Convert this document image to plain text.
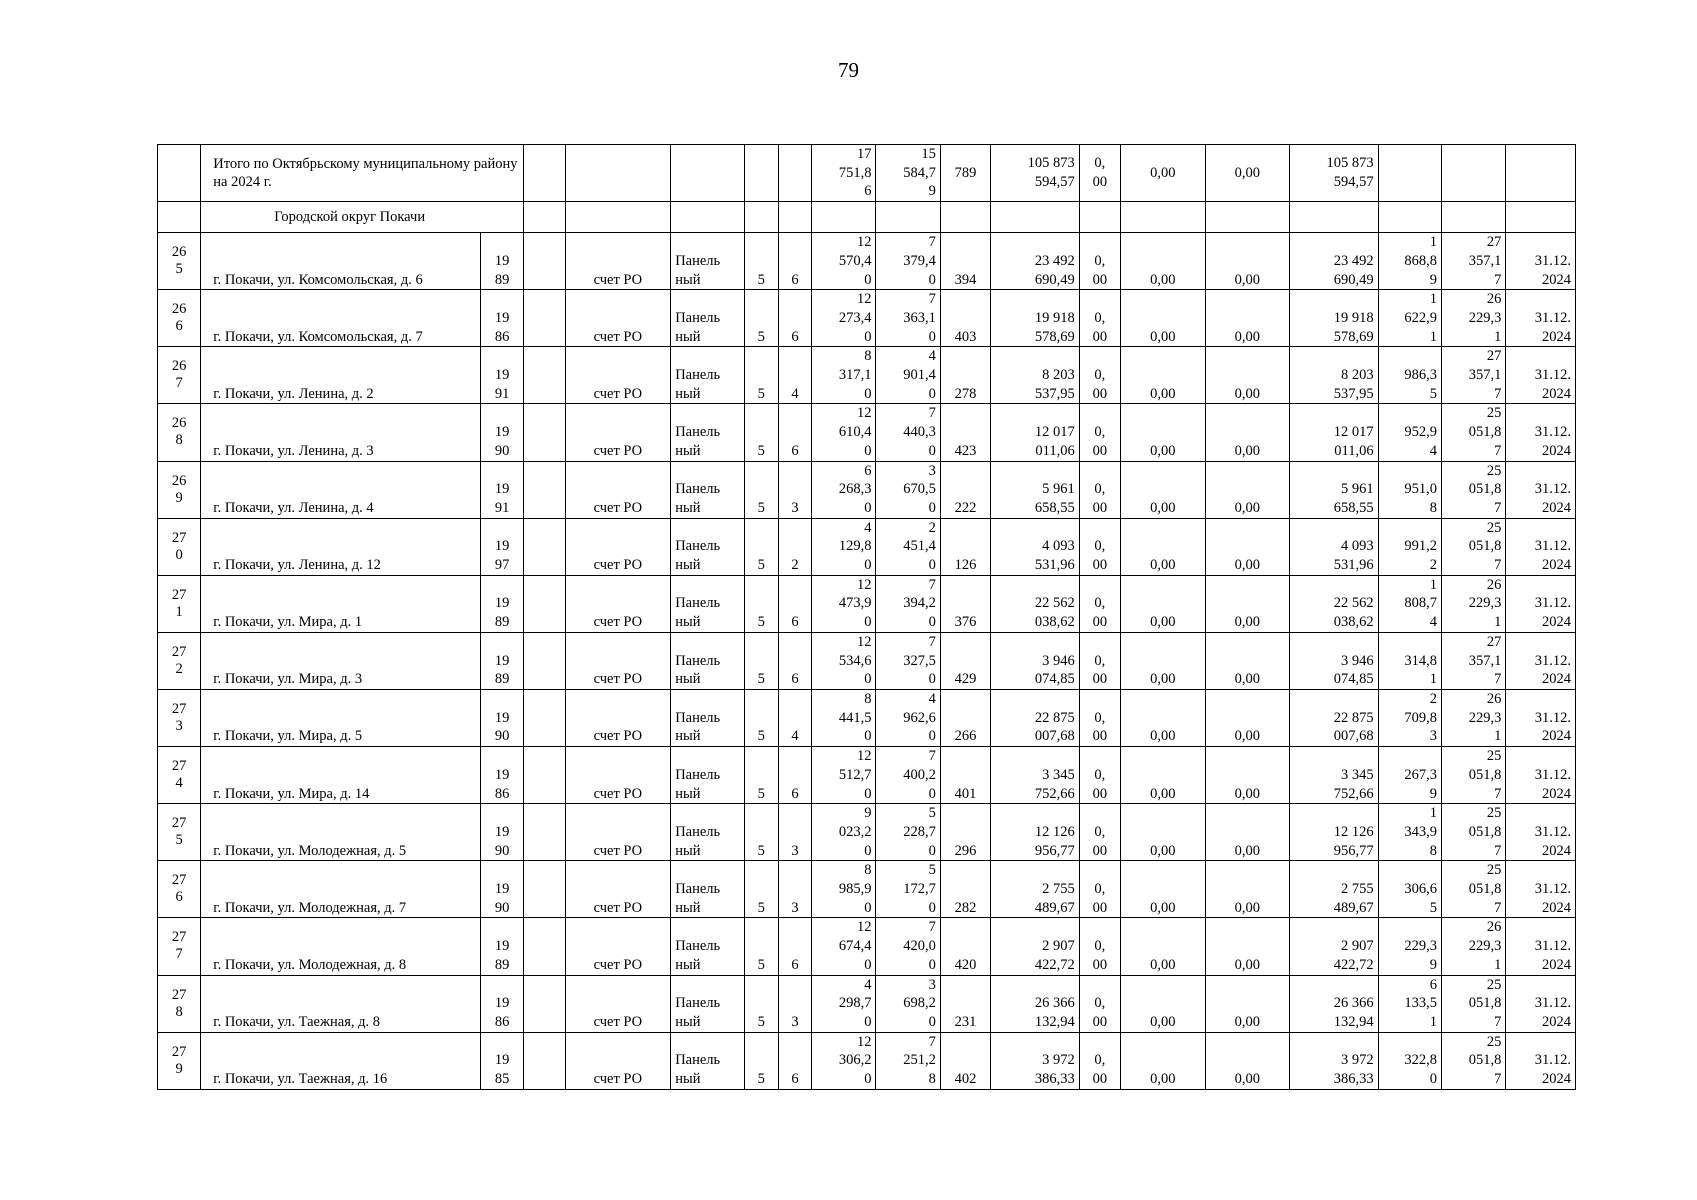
79
	Итого по Октябрьскому муниципальному районy на 2024 г.							17
751,8
6	15
584,7
9	789	105 873
594,57	0,
00	0,00	0,00	105 873
594,57			
	Городской округ Покачи																	
26
5	г. Покачи, ул. Комсомольская, д. 6	19
89		счет РО	Панель
ный	5	6	12
570,4
0	7
379,4
0	394	23 492
690,49	0,
00	0,00	0,00	23 492
690,49	1
868,8
9	27
357,1
7	31.12.
2024
26
6	г. Покачи, ул. Комсомольская, д. 7	19
86		счет РО	Панель
ный	5	6	12
273,4
0	7
363,1
0	403	19 918
578,69	0,
00	0,00	0,00	19 918
578,69	1
622,9
1	26
229,3
1	31.12.
2024
26
7	г. Покачи, ул. Ленина, д. 2	19
91		счет РО	Панель
ный	5	4	8
317,1
0	4
901,4
0	278	8 203
537,95	0,
00	0,00	0,00	8 203
537,95	986,3
5	27
357,1
7	31.12.
2024
26
8	г. Покачи, ул. Ленина, д. 3	19
90		счет РО	Панель
ный	5	6	12
610,4
0	7
440,3
0	423	12 017
011,06	0,
00	0,00	0,00	12 017
011,06	952,9
4	25
051,8
7	31.12.
2024
26
9	г. Покачи, ул. Ленина, д. 4	19
91		счет РО	Панель
ный	5	3	6
268,3
0	3
670,5
0	222	5 961
658,55	0,
00	0,00	0,00	5 961
658,55	951,0
8	25
051,8
7	31.12.
2024
27
0	г. Покачи, ул. Ленина, д. 12	19
97		счет РО	Панель
ный	5	2	4
129,8
0	2
451,4
0	126	4 093
531,96	0,
00	0,00	0,00	4 093
531,96	991,2
2	25
051,8
7	31.12.
2024
27
1	г. Покачи, ул. Мира, д. 1	19
89		счет РО	Панель
ный	5	6	12
473,9
0	7
394,2
0	376	22 562
038,62	0,
00	0,00	0,00	22 562
038,62	1
808,7
4	26
229,3
1	31.12.
2024
27
2	г. Покачи, ул. Мира, д. 3	19
89		счет РО	Панель
ный	5	6	12
534,6
0	7
327,5
0	429	3 946
074,85	0,
00	0,00	0,00	3 946
074,85	314,8
1	27
357,1
7	31.12.
2024
27
3	г. Покачи, ул. Мира, д. 5	19
90		счет РО	Панель
ный	5	4	8
441,5
0	4
962,6
0	266	22 875
007,68	0,
00	0,00	0,00	22 875
007,68	2
709,8
3	26
229,3
1	31.12.
2024
27
4	г. Покачи, ул. Мира, д. 14	19
86		счет РО	Панель
ный	5	6	12
512,7
0	7
400,2
0	401	3 345
752,66	0,
00	0,00	0,00	3 345
752,66	267,3
9	25
051,8
7	31.12.
2024
27
5	г. Покачи, ул. Молодежная, д. 5	19
90		счет РО	Панель
ный	5	3	9
023,2
0	5
228,7
0	296	12 126
956,77	0,
00	0,00	0,00	12 126
956,77	1
343,9
8	25
051,8
7	31.12.
2024
27
6	г. Покачи, ул. Молодежная, д. 7	19
90		счет РО	Панель
ный	5	3	8
985,9
0	5
172,7
0	282	2 755
489,67	0,
00	0,00	0,00	2 755
489,67	306,6
5	25
051,8
7	31.12.
2024
27
7	г. Покачи, ул. Молодежная, д. 8	19
89		счет РО	Панель
ный	5	6	12
674,4
0	7
420,0
0	420	2 907
422,72	0,
00	0,00	0,00	2 907
422,72	229,3
9	26
229,3
1	31.12.
2024
27
8	г. Покачи, ул. Таежная, д. 8	19
86		счет РО	Панель
ный	5	3	4
298,7
0	3
698,2
0	231	26 366
132,94	0,
00	0,00	0,00	26 366
132,94	6
133,5
1	25
051,8
7	31.12.
2024
27
9	г. Покачи, ул. Таежная, д. 16	19
85		счет РО	Панель
ный	5	6	12
306,2
0	7
251,2
8	402	3 972
386,33	0,
00	0,00	0,00	3 972
386,33	322,8
0	25
051,8
7	31.12.
2024
